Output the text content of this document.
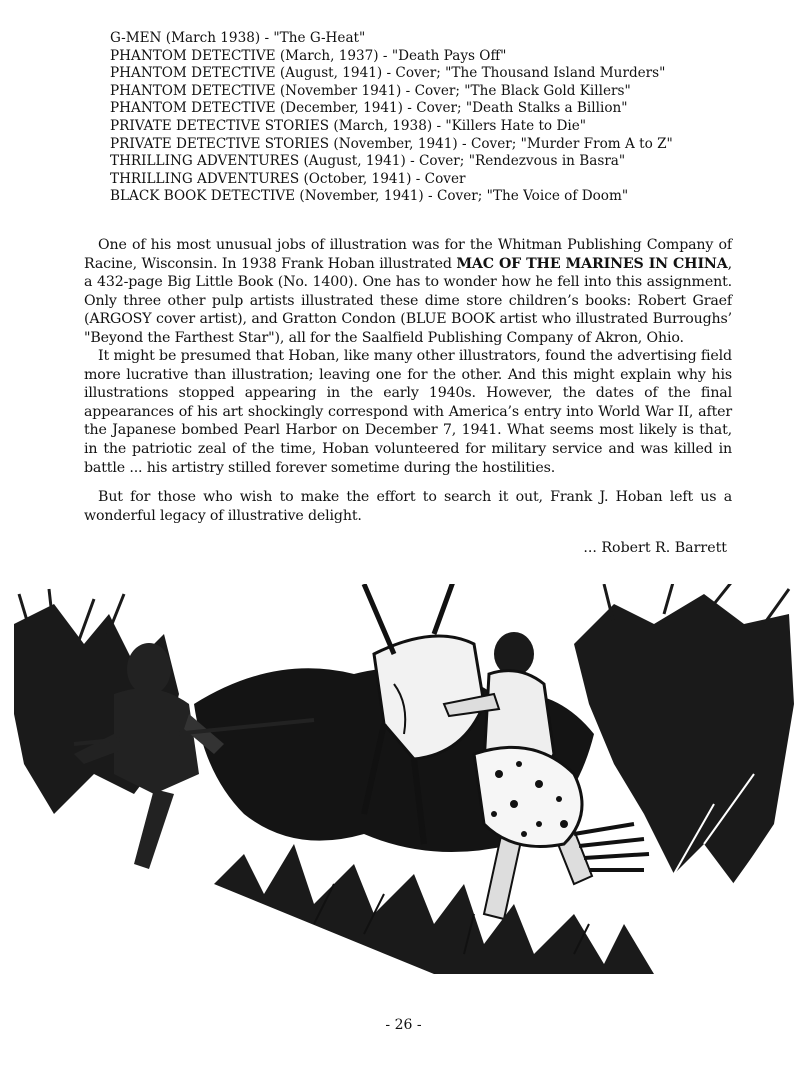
G-MEN (March 1938) - "The G-Heat"
PHANTOM DETECTIVE (March, 1937) - "Death Pays Off"
PHANTOM DETECTIVE (August, 1941) - Cover; "The Thousand Island Murders"
PHANTOM DETECTIVE (November 1941) - Cover; "The Black Gold Killers"
PHANTOM DETECTIVE (December, 1941) - Cover; "Death Stalks a Billion"
PRIVATE DETECTIVE STORIES (March, 1938) - "Killers Hate to Die"
PRIVATE DETECTIVE STORIES (November, 1941) - Cover; "Murder From A to Z"
THRILLING ADVENTURES (August, 1941) - Cover; "Rendezvous in Basra"
THRILLING ADVENTURES (October, 1941) - Cover
BLACK BOOK DETECTIVE (November, 1941) - Cover; "The Voice of Doom"

 One of his most unusual jobs of illustration was for the Whitman Publishing Company of Racine, Wisconsin. In 1938 Frank Hoban illustrated MAC OF THE MARINES IN CHINA, a 432-page Big Little Book (No. 1400). One has to wonder how he fell into this assignment. Only three other pulp artists illustrated these dime store children’s books: Robert Graef (ARGOSY cover artist), and Gratton Condon (BLUE BOOK artist who illustrated Burroughs’ "Beyond the Farthest Star"), all for the Saalfield Publishing Company of Akron, Ohio.

 It might be presumed that Hoban, like many other illustrators, found the advertising field more lucrative than illustration; leaving one for the other. And this might explain why his illustrations stopped appearing in the early 1940s. However, the dates of the final appearances of his art shockingly correspond with America’s entry into World War II, after the Japanese bombed Pearl Harbor on December 7, 1941. What seems most likely is that, in the patriotic zeal of the time, Hoban volunteered for military service and was killed in battle ... his artistry stilled forever sometime during the hostilities.

 But for those who wish to make the effort to search it out, Frank J. Hoban left us a wonderful legacy of illustrative delight.

... Robert R. Barrett
- 26 -
